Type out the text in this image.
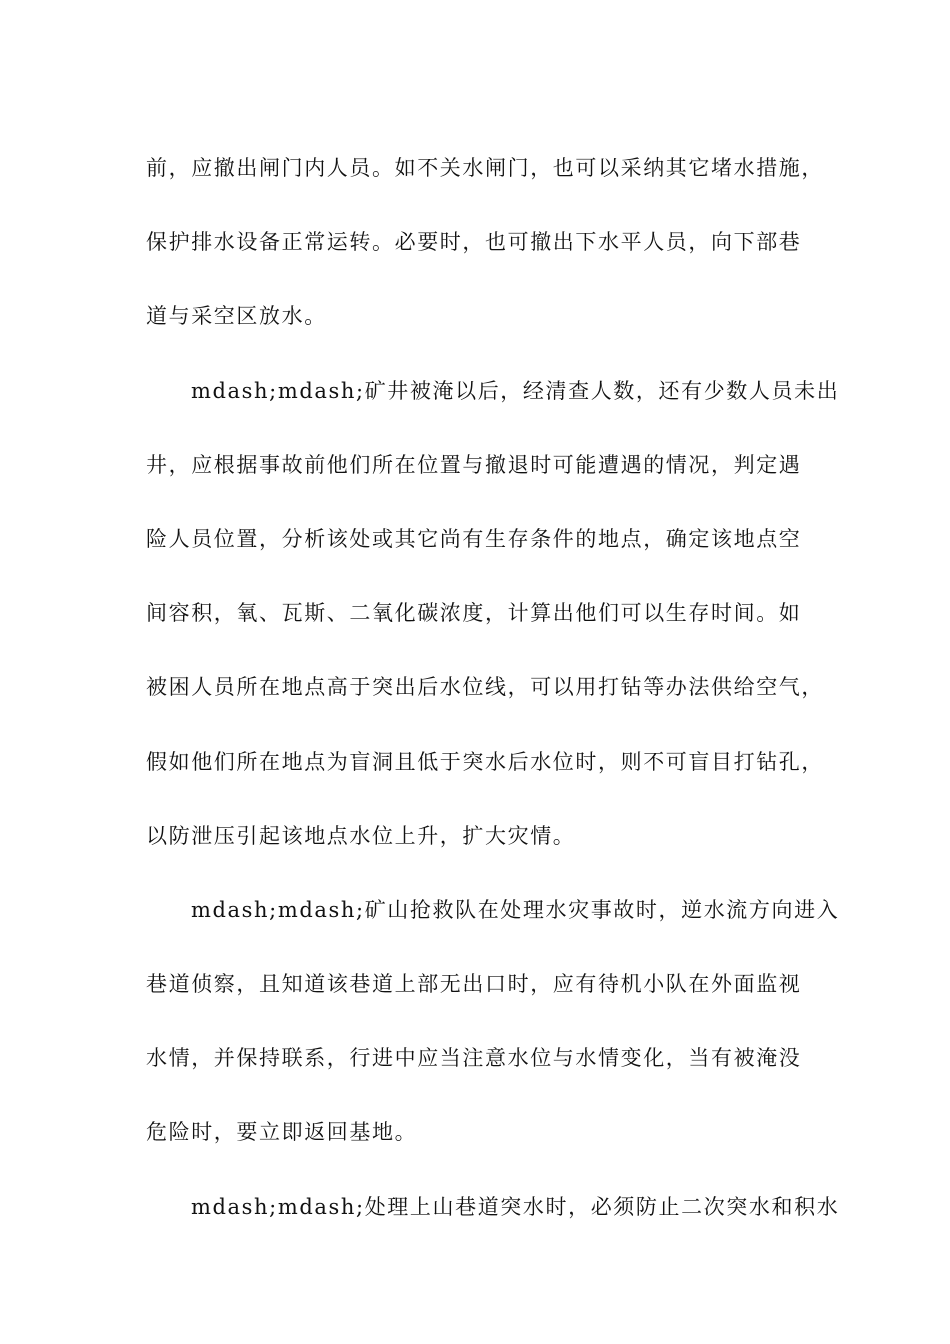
前，应撤出闸门内人员。如不关水闸门，也可以采纳其它堵水措施，
保护排水设备正常运转。必要时，也可撤出下水平人员，向下部巷
道与采空区放水。
mdash;mdash;矿井被淹以后，经清查人数，还有少数人员未出
井，应根据事故前他们所在位置与撤退时可能遭遇的情况，判定遇
险人员位置，分析该处或其它尚有生存条件的地点，确定该地点空
间容积，氧、瓦斯、二氧化碳浓度，计算出他们可以生存时间。如
被困人员所在地点高于突出后水位线，可以用打钻等办法供给空气，
假如他们所在地点为盲洞且低于突水后水位时，则不可盲目打钻孔，
以防泄压引起该地点水位上升，扩大灾情。
mdash;mdash;矿山抢救队在处理水灾事故时，逆水流方向进入
巷道侦察，且知道该巷道上部无出口时，应有待机小队在外面监视
水情，并保持联系，行进中应当注意水位与水情变化，当有被淹没
危险时，要立即返回基地。
mdash;mdash;处理上山巷道突水时，必须防止二次突水和积水
